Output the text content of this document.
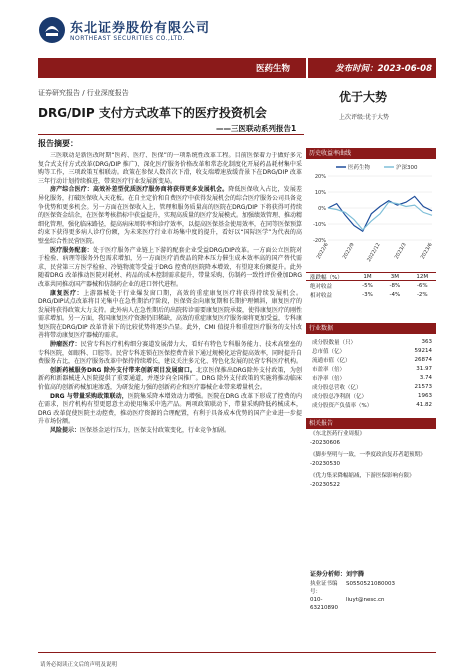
东北证券股份有限公司
NORTHEAST SECURITIES CO.,LTD.
医药生物	发布时间：2023-06-08
证券研究报告 / 行业深度报告
DRG/DIP 支付方式改革下的医疗投资机会
——三医联动系列报告1
优于大势
上次评级:优于大势
报告摘要：
三医联动是新医改时期“医药、医疗、医保”的一项系统性改革工程。目前医保着力于做好多元复合式支付方式改革(DRG/DIP 推广)、深化医疗服务价格改革和常态化制度化开展药品耗材集中采购等工作，三项政策互相联动。政策在参保人数首次下滑，收支端增速放缓背景下在DRG/DIP 改革三年行动计划持续推进，带来医疗行业发展新变局。
房产综合医疗：高效补差型优质医疗服务商将获得更多发展机会。降低医保收入占比，发展差异化服务，打破医保收入天花板。在自主定价和自费医疗中获得发展机会的综合医疗服务公司具备竞争优势和更多机会。另一方面在医保收入上，管理和服务质量高的医院在DRG/DIP 下将获得可持续的医保资金结余，在医保考核指标中获益提升，实现高质量的医疗发展模式。加强绩效管理、推动精细化管理，强化临床路径，提高病床周转率和诊疗效率，以提高医保基金使用效率，在同等医保预算约束下获得更多病人诊疗份额，为未来医疗行业市场集中度的提升，看好以“国际医学”为代表的高壁垒综合性民营医院。
医疗服务配套：处于医疗服务产业链上下游的配套企业受益DRG/DIP改革。一方面公立医院对于检验、病理等服务外包需求增加，另一方面医疗消费品的降本压力催生成本效率高的国产替代需求，民营第三方医学检验、冷链物流等受益于DRG 控费的医院降本增效，有望迎来份额提升。此外随着DRG 改革推动医院对耗材、药品的成本控制需求提升，带量采购、仿制药一致性评价叠加DRG改革共同推动国产器械和仿制药企业的进口替代进程。
康复医疗：上游器械处于行业爆发窗口期，高效的重症康复医疗将获得持续发展机会。DRG/DIP试点改革将目光集中在急性期治疗阶段，医保资金向康复期和长期护理倾斜，康复医疗的发展将获得政策大力支持。此外病人在急性期后的出院转诊需要康复医院承接，使得康复医疗的刚性需求增加。另一方面，我国康复医疗资源仍旧稀缺，高效的重症康复医疗服务商将更加受益，专科康复医院在DRG/DIP 改革背景下的比较优势将逐步凸显。此外，CMI 值提升和重症医疗服务的支付改善将带动康复医疗器械的需求。
肿瘤医疗：民营专科医疗机构细分赛道发展潜力大，看好有特色专科服务能力、技术高壁垒的专科医院，如眼科、口腔等。民营专科连锁在医保控费背景下通过规模化运营提高效率，同时提升自费服务占比，在医疗服务改革中保持持续增长，建议关注多元化、特色化发展的民营专科医疗机构。
创新药械服务DRG 除外支付带来创新项目发展窗口。北京医保推出DRG除外支付政策，为创新药和新器械进入医院提供了重要通道，并逐步向全国推广。DRG 除外支付政策的实施将推动临床价值高的创新药械加速渗透，为研发能力强的创新药企和医疗器械企业带来增量机会。
DRG 与带量采购政策联动，医院集采降本增效动力增强。医院在DRG 改革下形成了控费的内在需求，医疗机构有望更愿意主动使用集采中选产品。两项政策联动下，带量采购降低药械成本，DRG 改革促使医院主动控费，推动医疗资源的合理配置，有利于具备成本优势的国产企业进一步提升市场份额。
风险提示：医保基金运行压力，医保支付政策变化，行业竞争加剧。
历史收益率曲线
医药生物	沪深300
20%
10%
0%
-10%
-20%
2022/6 2022/9 2022/12 2023/3 2023/6
涨跌幅（%）	1M	3M	12M
绝对收益	-5%	-8%	-6%
相对收益	-3%	-4%	-2%
行业数据
成分股数量（只）	363
总市值（亿）	59214
流通市值（亿）	26874
市盈率（倍）	31.97
市净率（倍）	3.74
成分股总营收（亿）	21573
成分股总净利润（亿）	1963
成分股资产负债率（%）	41.82
相关报告
《东北医药行业周报》
-20230606
《脚步坚明与一致，一季度政治复苏者超预期》
-20230530
《优力集采降幅缩减，下游医保影响有限》
-20230522
证券分析师：刘宇腾
执业证书编号：
S0550521080003
010-63210890
liuyt@nesc.cn
请务必阅读正文后的声明及说明
